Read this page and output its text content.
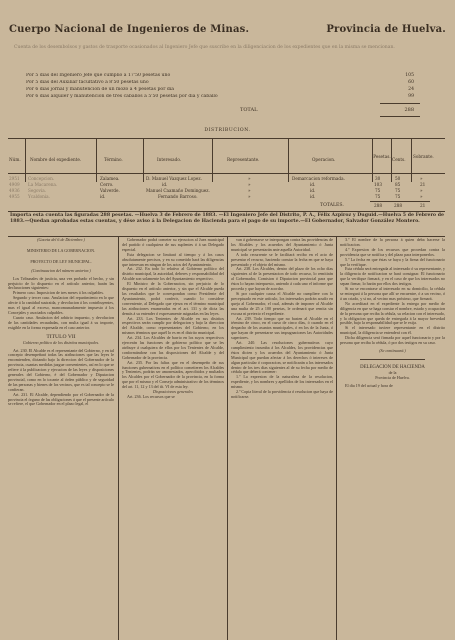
Cuerpo Nacional de Ingenieros de Minas.	Provincia de Huelva.
Cuenta de los desembolsos y gastos de trasporte ocasionados al Ingeniero Jefe que suscribe en la diligenciacion de los expedientes que en la misma se mencionan.
Por 5 dias del Ingeniero Jefe que cumplio á 17'50 pesetas uno	105
Por 5 dias del Auxiliar facultativo á 8'50 pesetas uno	60
Por 6 dias jornal y manutencion de un mozo á 4 pesetas por dia	24
Por 6 dias alquiler y manutencion de tres caballos á 5'50 pesetas por dia y caballo	99
TOTAL	288
DISTRIBUCION.
Núm. Nombre del expediente.	Término.	Interesado.	Representante.	Operacion.
Pesetas.
Cents.
Sobrante.
2951 Concepcion.	Zalamea.	D. Manuel Vazquez Lopez.	»	Demarcacion reformada.	30	50	»
4909 La Macarena.	Cerro.	id.	»	id.	103	85	21
4936 Segovia.	Valverde.	Manuel Caamaño Dominguez.	»	id.	75	75	»
4955 Ycaldonia.	id.	Fernando Barroso.	»	id.	75	75	»
TOTALES.	288	288	21
Importa esta cuenta las figuradas 288 pesetas. —Huelva 3 de Febrero de 1883. —El Ingeniero Jefe del Distrito, P. A., Félix Azpiroz y Duguid.—Huelva 5 de Febrero de 1883.—Quedan aprobadas estas cuentas, y dése aviso á la Delegacion de Hacienda para el pago de su importe.—El Gobernador, Salvador González Montero.

(Gaceta del 6 de Diciembre.)

MINISTERIO DE LA GOBERNACION.

PROYECTO DE LEY MUNICIPAL.

(Continuacion del número anterior.)

Los Tribunales de justicia, una vez probado el hecho, y sin perjuicio de lo dispuesto en el artículo anterior, harán las declaraciones siguientes:

Primero caso. Imposicion de tres meses á los culpables.

Segundo y tercer caso. Anulacion del repartimiento en lo que afecte á la cantidad sustraida, y devolucion á los contribuyentes, mas el igual al exceso, mancomunadamente impuesto á los Concejales y asociados culpables.

Cuarto caso. Anulacion del arbitrio impuesto, y devolucion de las cantidades recaudadas, con multa igual á su importe, exigible en la forma expresada en el caso anterior.

TITULO VII

Gobierno político de los distritos municipales.

Art. 230. El Alcalde es el representante del Gobierno, y en tal concepto desempeñará todas las atribuciones que las leyes le encomienden, dictando bajo la direccion del Gobernador de la provincia, cuantas medidas juzgue convenientes, así en lo que se refiere á la publicacion y ejecucion de las leyes y disposiciones generales del Gobierno, é del Gobernador y Diputacion provincial, como en lo tocante al órden público y de seguridad de las personas y bienes de los vecinos, que es tal concepto se le confieran.

Art. 231. El Alcalde, dependiendo por el Gobernador de la provincia el órgano de las obligaciones á que el presente artículo se refiere, el que Gobernador en el plazo legal, el

Gobernador podrá cometer su ejecucion al Juez municipal del partido ó cualquiera de sus suplentes ó á un Delegado especial.

Esta delegacion se limitará al tiempo y á los casos absolutamente precisos, y en su cometido hará las diligencias que interesan en ningun de los actos del Ayuntamiento.

Art. 232. En todo lo relativo al Gobierno político del distrito municipal, la autoridad, deberes y responsabilidad del Alcalde son solamente los del Ayuntamiento respectivo.

El Ministro de la Gobernacion, sin perjuicio de lo dispuesto en el artículo anterior, y sin que el Alcalde pueda las resultados que le correspondan como Presidente del Ayuntamiento, podrá conferir, cuando lo considere conveniente, al Delegado que ejerza en el término municipal las atribuciones enumeradas en el art. 131 y de dicta las demás á su entender ó expresamente asignadas en las leyes.

Art. 233. Los Tenientes de Alcalde en sus distritos respectivos serán cumplir por delegacion y bajo la direccion del Alcalde, como representantes del Gobierno, en los mismos términos que aquél lo es en el distrito municipal.

Art. 234. Los Alcaldes de barrio en los suyos respectivos ejercerán las funciones de gobierno político que se les atribuye á cualquiera de ellos por los Tenientes de Alcalde, conformándose con las disposiciones del Alcalde y del Gobernador de la provincia.

Art. 235. Por las faltas que en el desempeño de sus funciones gubernativas en el político cometieren los Alcaldes y Tenientes, podrán ser amonestados, apercibidos y multados los Alcaldes por el Gobernador de la provincia, en la forma que por el mismo y el Consejo administrativo de los términos del art. 11, 12 y 13 del tít. VI de esta ley.

Disposiciones generales

Art. 236. Los recursos que se

van á gobernarse se interpongan contra las providencias de los Alcaldes y los acuerdos del Ayuntamiento ó Junta municipal se presentarán ante aquella Autoridad.

A todo recurrente se le facilitará recibo en el acto de presentar el recurso, haciendo constar la fecha en que se haya presentado y el objeto del mismo.

Art. 238. Los Alcaldes, dentro del plazo de los ocho dias siguientes al de la presentacion de todo recurso, lo remitirán al Gobernador, Comision ó Diputacion provincial para que éstos lo hayan interpuesto, uniendo á cada uno el informe que proceda y que hayan de acordar.

Si por cualquier causa el Alcalde no cumpliere con lo preceptuado en este artículo, los interesados podrán acudir en queja al Gobernador, el cual, además de imponer al Alcalde una multa de 25 a 100 pesetas, le ordenará que remita sin excusa ni pretexto el expediente.

Art. 239. Todo tiempo que no basten al Alcalde en el término de cinco, en el curso de cinco días, ó cuando en el despacho de los asuntos municipales, ó en los de la Junta, ó que hayan de presentarse sus impugnaciones las Autoridades superiores.

Art. 240. Las resoluciones gubernativas cuyo cumplimiento incumba á los Alcaldes, los providencias que éstos dicten y los acuerdos del Ayuntamiento ó Junta Municipal que puedan afectar á los derechos ó intereses de algun particular ó corporacion, se notificarán a los interesados dentro de los tres dias siguientes al de su fecha por medio de cédula que deberá contener:

1.º La expresion de la naturaleza de la resolucion, expediente, y los nombres y apellidos de los interesados en el mismo.

2.º Copia literal de la providencia ó resolucion que haya de notificarse.

3.º El nombre de la persona á quien deba hacerse la notificacion.

4.º Expresion de los recursos que procedan contra la providencia que se notifica y del plazo para interponerlos.

5.º La fecha en que éstas se haya y la firma del funcionario que la verifique.

Esta cédula será entregada al interesado ó su representante, y la diligencia de notificacion se hará consignar. El funcionario que la verifique firmará, y en el caso de que los interesados no sepan firmar, lo harán por ellos dos testigos.

Si no se encontrase al interesado en su domicilio, la cédula se entregará á la persona que allí se encuentre, ó a un vecino, ó á un criado, y si no, al vecino mas próximo, que firmará.

No acreditará en el expediente la entrega por medio de diligencia en que se haga constar el nombre, estado y ocupacion de la persona que reciba la cédula, su relacion con el interesado, y la obligacion que queda de entregarla á la mayor brevedad posible, bajo la responsabilidad que se le exija.

Si el interesado tuviere representante en el distrito municipal, la diligencia se entenderá con él.

Dicha diligencia será firmada por aquel funcionario y por la persona que reciba la cédula, ó por dos testigos en su caso.

(Se continuará.)

DELEGACION DE HACIENDA

de la

Provincia de Huelva.

El dia 19 del actual y hora de
